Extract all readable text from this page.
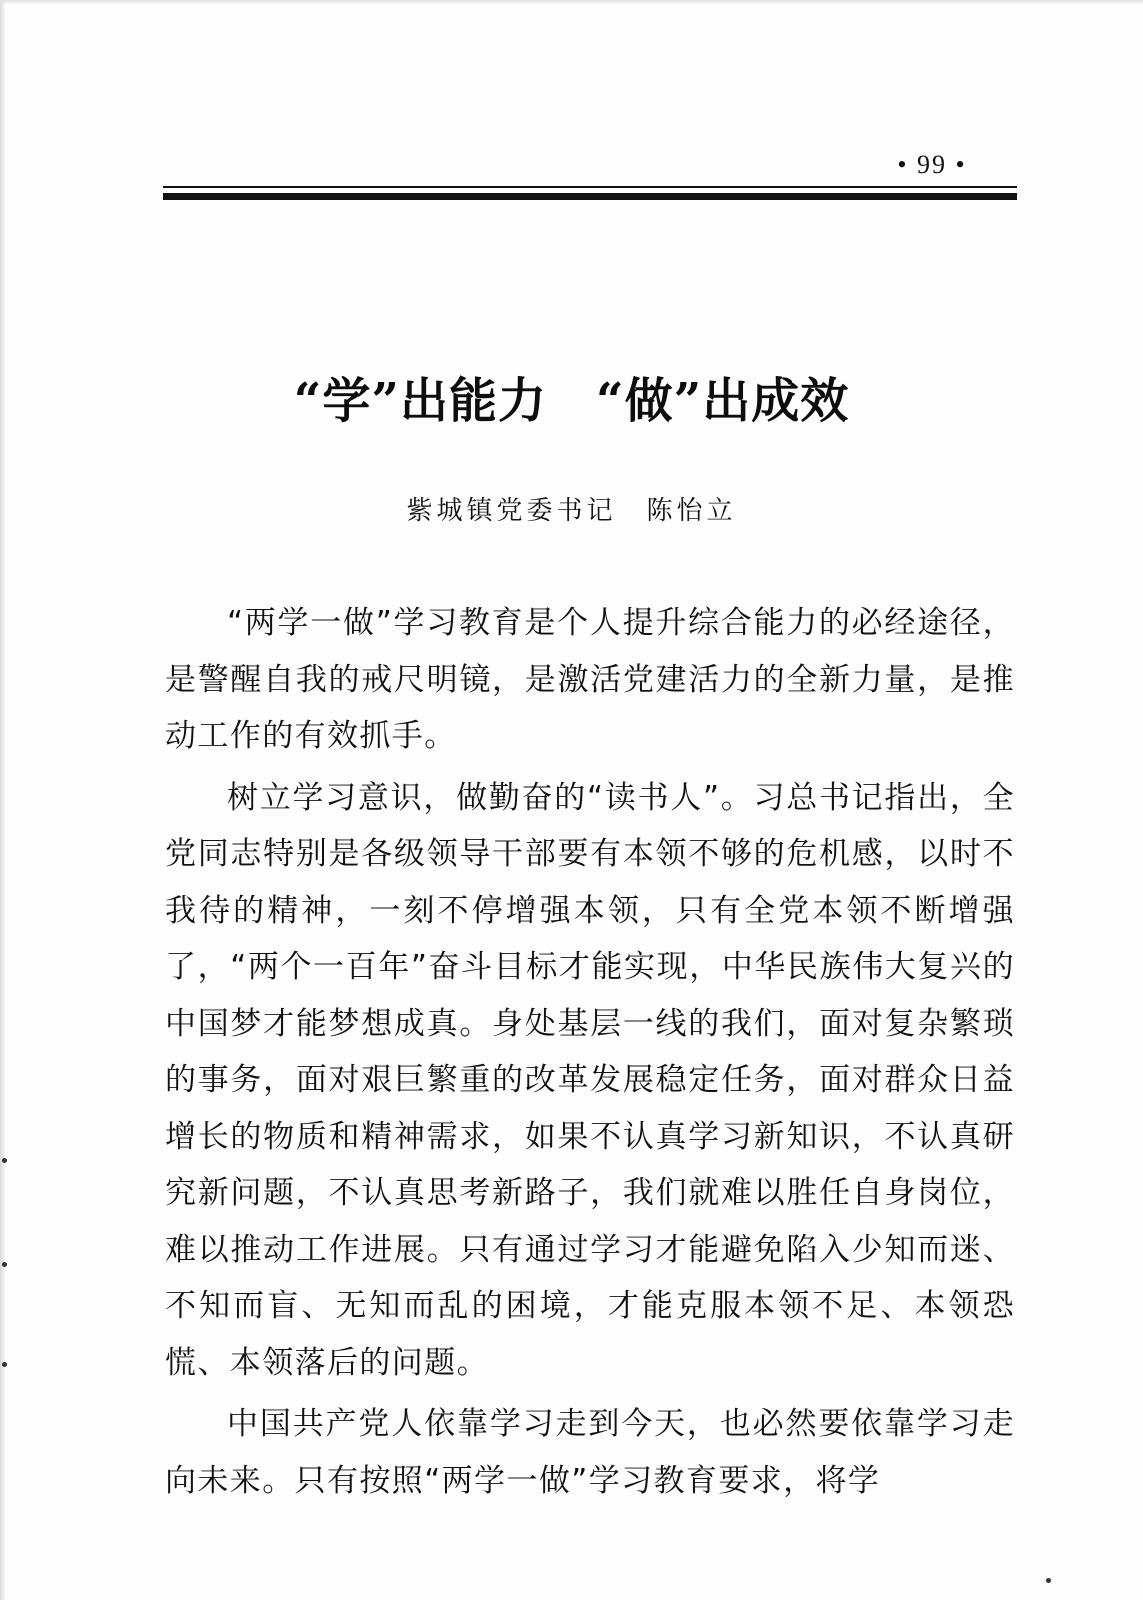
• 99 •
“学”出能力　“做”出成效
紫城镇党委书记　陈怡立

“两学一做”学习教育是个人提升综合能力的必经途径，是警醒自我的戒尺明镜，是激活党建活力的全新力量，是推动工作的有效抓手。

树立学习意识，做勤奋的“读书人”。习总书记指出，全党同志特别是各级领导干部要有本领不够的危机感，以时不我待的精神，一刻不停增强本领，只有全党本领不断增强了，“两个一百年”奋斗目标才能实现，中华民族伟大复兴的中国梦才能梦想成真。身处基层一线的我们，面对复杂繁琐的事务，面对艰巨繁重的改革发展稳定任务，面对群众日益增长的物质和精神需求，如果不认真学习新知识，不认真研究新问题，不认真思考新路子，我们就难以胜任自身岗位，难以推动工作进展。只有通过学习才能避免陷入少知而迷、不知而盲、无知而乱的困境，才能克服本领不足、本领恐慌、本领落后的问题。

中国共产党人依靠学习走到今天，也必然要依靠学习走向未来。只有按照“两学一做”学习教育要求，将学
